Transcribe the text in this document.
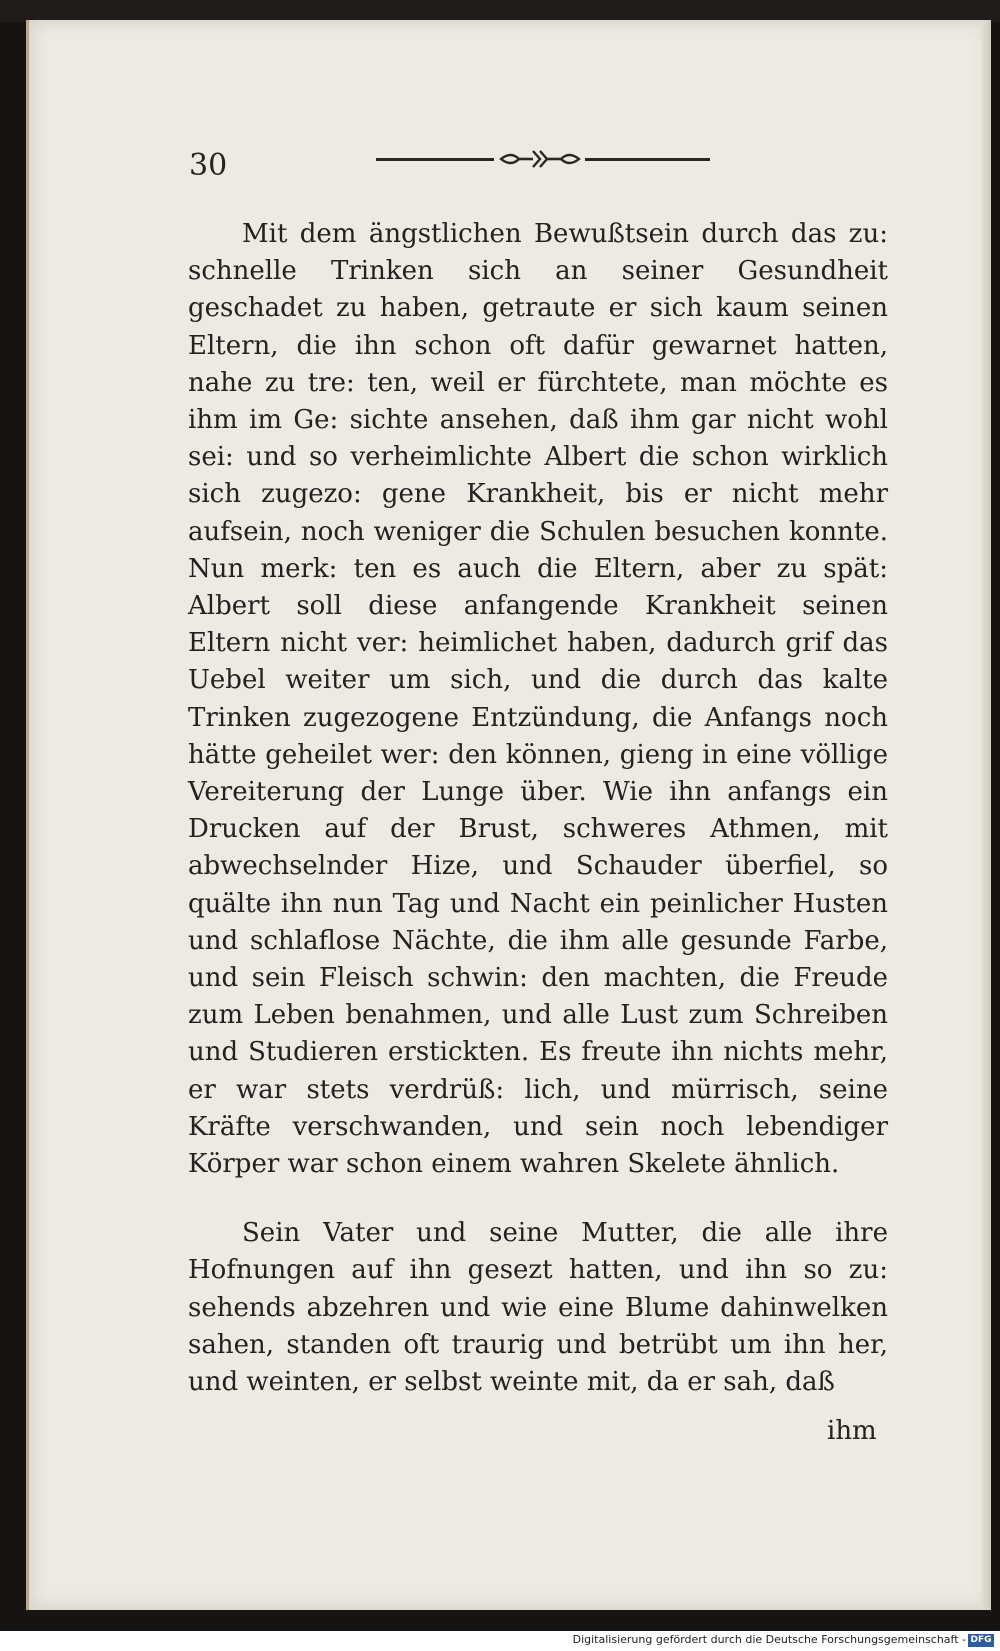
30

Mit dem ängstlichen Bewußtsein durch das zu: schnelle Trinken sich an seiner Gesundheit geschadet zu haben, getraute er sich kaum seinen Eltern, die ihn schon oft dafür gewarnet hatten, nahe zu tre: ten, weil er fürchtete, man möchte es ihm im Ge: sichte ansehen, daß ihm gar nicht wohl sei: und so verheimlichte Albert die schon wirklich sich zugezo: gene Krankheit, bis er nicht mehr aufsein, noch weniger die Schulen besuchen konnte. Nun merk: ten es auch die Eltern, aber zu spät: Albert soll diese anfangende Krankheit seinen Eltern nicht ver: heimlichet haben, dadurch grif das Uebel weiter um sich, und die durch das kalte Trinken zugezogene Entzündung, die Anfangs noch hätte geheilet wer: den können, gieng in eine völlige Vereiterung der Lunge über. Wie ihn anfangs ein Drucken auf der Brust, schweres Athmen, mit abwechselnder Hize, und Schauder überfiel, so quälte ihn nun Tag und Nacht ein peinlicher Husten und schlaflose Nächte, die ihm alle gesunde Farbe, und sein Fleisch schwin: den machten, die Freude zum Leben benahmen, und alle Lust zum Schreiben und Studieren erstickten. Es freute ihn nichts mehr, er war stets verdrüß: lich, und mürrisch, seine Kräfte verschwanden, und sein noch lebendiger Körper war schon einem wahren Skelete ähnlich.

Sein Vater und seine Mutter, die alle ihre Hofnungen auf ihn gesezt hatten, und ihn so zu: sehends abzehren und wie eine Blume dahinwelken sahen, standen oft traurig und betrübt um ihn her, und weinten, er selbst weinte mit, da er sah, daß

ihm
Digitalisierung gefördert durch die Deutsche Forschungsgemeinschaft - DFG
